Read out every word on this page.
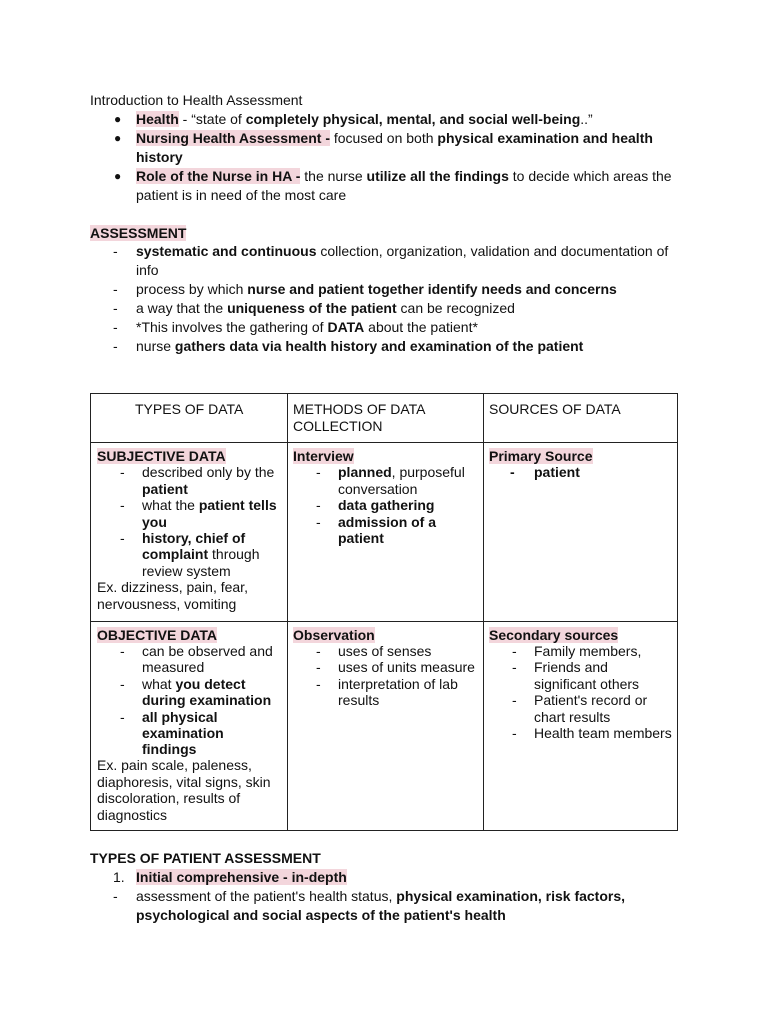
Introduction to Health Assessment
● Health - “state of completely physical, mental, and social well-being..”
● Nursing Health Assessment - focused on both physical examination and health
history
● Role of the Nurse in HA - the nurse utilize all the findings to decide which areas the
patient is in need of the most care
ASSESSMENT
- systematic and continuous collection, organization, validation and documentation of
info
- process by which nurse and patient together identify needs and concerns
- a way that the uniqueness of the patient can be recognized
- *This involves the gathering of DATA about the patient*
- nurse gathers data via health history and examination of the patient
TYPES OF DATA	METHODS OF DATA
COLLECTION
SOURCES OF DATA
SUBJECTIVE DATA
- described only by the
patient
- what the patient tells
you
- history, chief of
complaint through
review system
Ex. dizziness, pain, fear,
nervousness, vomiting
Interview
- planned, purposeful
conversation
- data gathering
- admission of a
patient
Primary Source
- patient
OBJECTIVE DATA
- can be observed and
measured
- what you detect
during examination
- all physical
examination
findings
Ex. pain scale, paleness,
diaphoresis, vital signs, skin
discoloration, results of
diagnostics
Observation
- uses of senses
- uses of units measure
- interpretation of lab
results
Secondary sources
- Family members,
- Friends and
significant others
- Patient's record or
chart results
- Health team members
TYPES OF PATIENT ASSESSMENT
1. Initial comprehensive - in-depth
- assessment of the patient's health status, physical examination, risk factors,
psychological and social aspects of the patient's health
